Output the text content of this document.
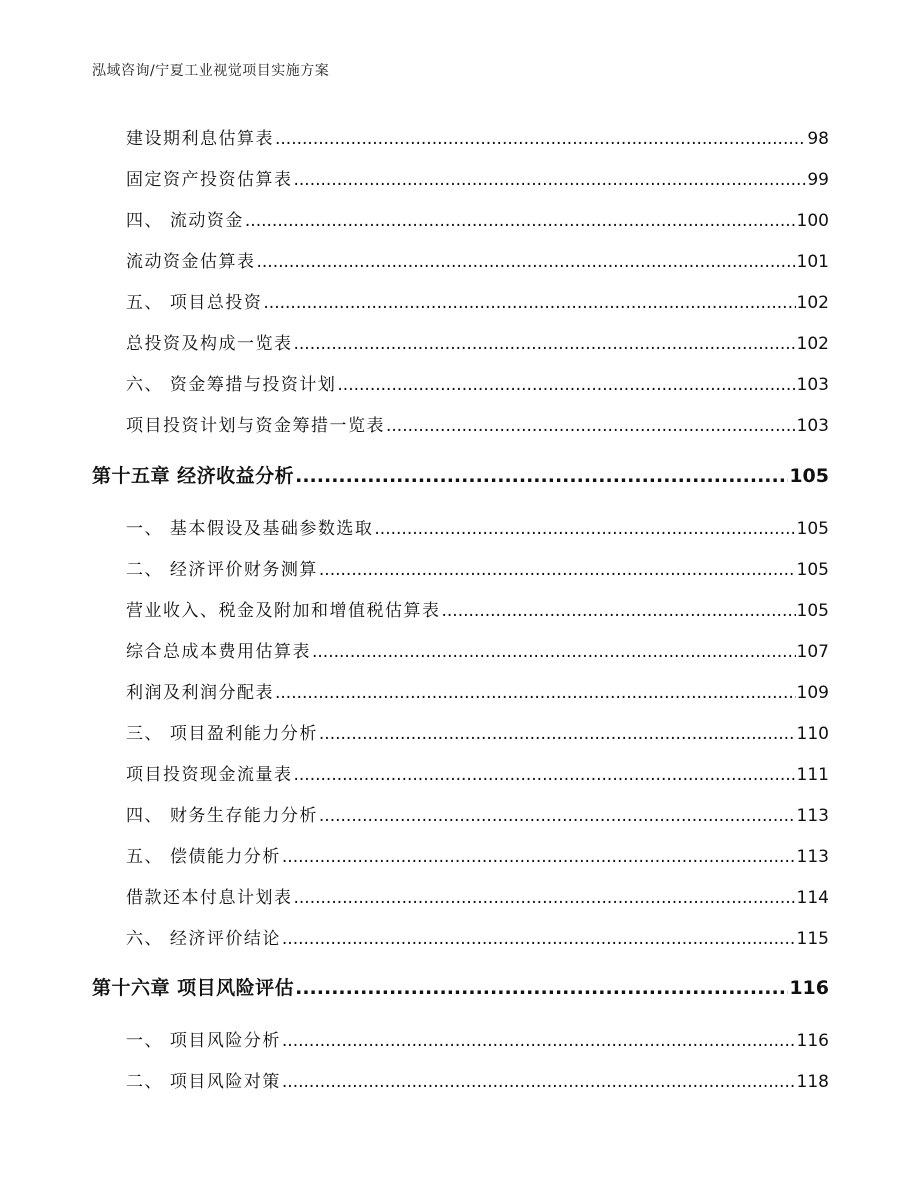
泓域咨询/宁夏工业视觉项目实施方案
建设期利息估算表 .....	98
固定资产投资估算表 .....	99
四、 流动资金 .....	100
流动资金估算表 .....	101
五、 项目总投资 .....	102
总投资及构成一览表 .....	102
六、 资金筹措与投资计划 .....	103
项目投资计划与资金筹措一览表 .....	103
第十五章 经济收益分析 .....	105
一、 基本假设及基础参数选取 .....	105
二、 经济评价财务测算 .....	105
营业收入、税金及附加和增值税估算表 .....	105
综合总成本费用估算表 .....	107
利润及利润分配表 .....	109
三、 项目盈利能力分析 .....	110
项目投资现金流量表 .....	111
四、 财务生存能力分析 .....	113
五、 偿债能力分析 .....	113
借款还本付息计划表 .....	114
六、 经济评价结论 .....	115
第十六章 项目风险评估 .....	116
一、 项目风险分析 .....	116
二、 项目风险对策 .....	118
